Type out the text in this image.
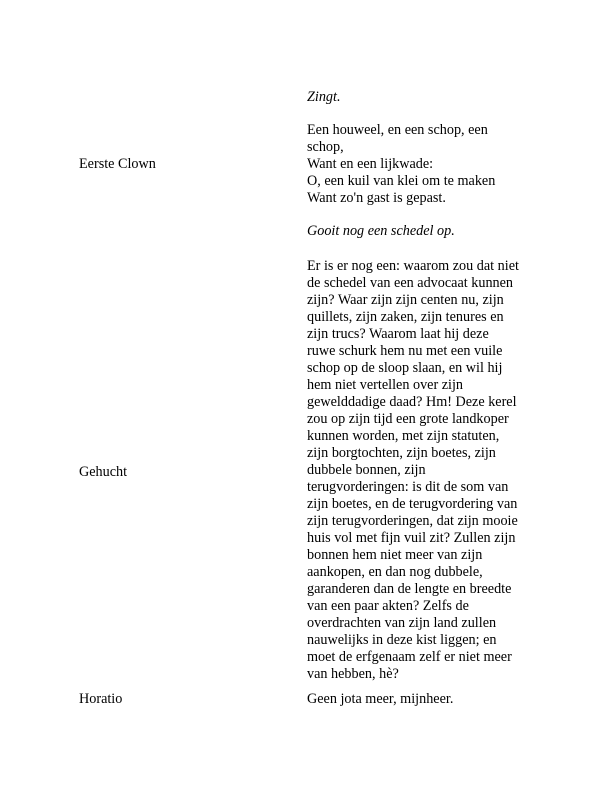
Zingt.
Eerste Clown
Een houweel, en een schop, een
schop,
Want en een lijkwade:
O, een kuil van klei om te maken
Want zo'n gast is gepast.
Gooit nog een schedel op.
Gehucht
Er is er nog een: waarom zou dat niet
de schedel van een advocaat kunnen
zijn? Waar zijn zijn centen nu, zijn
quillets, zijn zaken, zijn tenures en
zijn trucs? Waarom laat hij deze
ruwe schurk hem nu met een vuile
schop op de sloop slaan, en wil hij
hem niet vertellen over zijn
gewelddadige daad? Hm! Deze kerel
zou op zijn tijd een grote landkoper
kunnen worden, met zijn statuten,
zijn borgtochten, zijn boetes, zijn
dubbele bonnen, zijn
terugvorderingen: is dit de som van
zijn boetes, en de terugvordering van
zijn terugvorderingen, dat zijn mooie
huis vol met fijn vuil zit? Zullen zijn
bonnen hem niet meer van zijn
aankopen, en dan nog dubbele,
garanderen dan de lengte en breedte
van een paar akten? Zelfs de
overdrachten van zijn land zullen
nauwelijks in deze kist liggen; en
moet de erfgenaam zelf er niet meer
van hebben, hè?
Horatio	Geen jota meer, mijnheer.
